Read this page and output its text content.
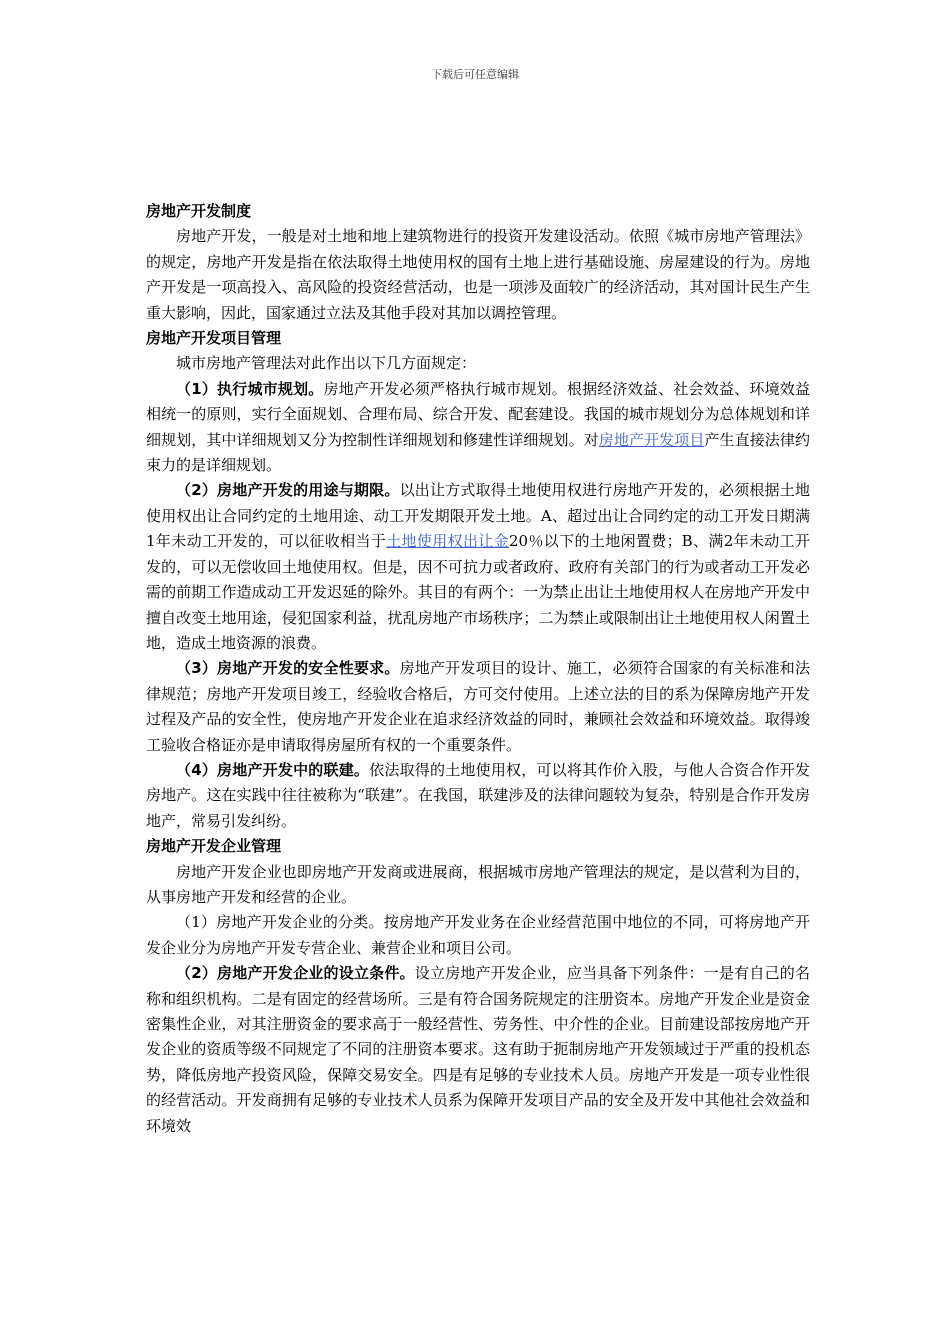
下载后可任意编辑

房地产开发制度

房地产开发，一般是对土地和地上建筑物进行的投资开发建设活动。依照《城市房地产管理法》的规定，房地产开发是指在依法取得土地使用权的国有土地上进行基础设施、房屋建设的行为。房地产开发是一项高投入、高风险的投资经营活动，也是一项涉及面较广的经济活动，其对国计民生产生重大影响，因此，国家通过立法及其他手段对其加以调控管理。

房地产开发项目管理

城市房地产管理法对此作出以下几方面规定：

（1）执行城市规划。房地产开发必须严格执行城市规划。根据经济效益、社会效益、环境效益相统一的原则，实行全面规划、合理布局、综合开发、配套建设。我国的城市规划分为总体规划和详细规划，其中详细规划又分为控制性详细规划和修建性详细规划。对房地产开发项目产生直接法律约束力的是详细规划。

（2）房地产开发的用途与期限。以出让方式取得土地使用权进行房地产开发的，必须根据土地使用权出让合同约定的土地用途、动工开发期限开发土地。A、超过出让合同约定的动工开发日期满1年未动工开发的，可以征收相当于土地使用权出让金20％以下的土地闲置费；B、满2年未动工开发的，可以无偿收回土地使用权。但是，因不可抗力或者政府、政府有关部门的行为或者动工开发必需的前期工作造成动工开发迟延的除外。其目的有两个：一为禁止出让土地使用权人在房地产开发中擅自改变土地用途，侵犯国家利益，扰乱房地产市场秩序；二为禁止或限制出让土地使用权人闲置土地，造成土地资源的浪费。

（3）房地产开发的安全性要求。房地产开发项目的设计、施工，必须符合国家的有关标准和法律规范；房地产开发项目竣工，经验收合格后，方可交付使用。上述立法的目的系为保障房地产开发过程及产品的安全性，使房地产开发企业在追求经济效益的同时，兼顾社会效益和环境效益。取得竣工验收合格证亦是申请取得房屋所有权的一个重要条件。

（4）房地产开发中的联建。依法取得的土地使用权，可以将其作价入股，与他人合资合作开发房地产。这在实践中往往被称为“联建”。在我国，联建涉及的法律问题较为复杂，特别是合作开发房地产，常易引发纠纷。

房地产开发企业管理

房地产开发企业也即房地产开发商或进展商，根据城市房地产管理法的规定，是以营利为目的，从事房地产开发和经营的企业。

（1）房地产开发企业的分类。按房地产开发业务在企业经营范围中地位的不同，可将房地产开发企业分为房地产开发专营企业、兼营企业和项目公司。

（2）房地产开发企业的设立条件。设立房地产开发企业，应当具备下列条件：一是有自己的名称和组织机构。二是有固定的经营场所。三是有符合国务院规定的注册资本。房地产开发企业是资金密集性企业，对其注册资金的要求高于一般经营性、劳务性、中介性的企业。目前建设部按房地产开发企业的资质等级不同规定了不同的注册资本要求。这有助于扼制房地产开发领域过于严重的投机态势，降低房地产投资风险，保障交易安全。四是有足够的专业技术人员。房地产开发是一项专业性很的经营活动。开发商拥有足够的专业技术人员系为保障开发项目产品的安全及开发中其他社会效益和环境效
